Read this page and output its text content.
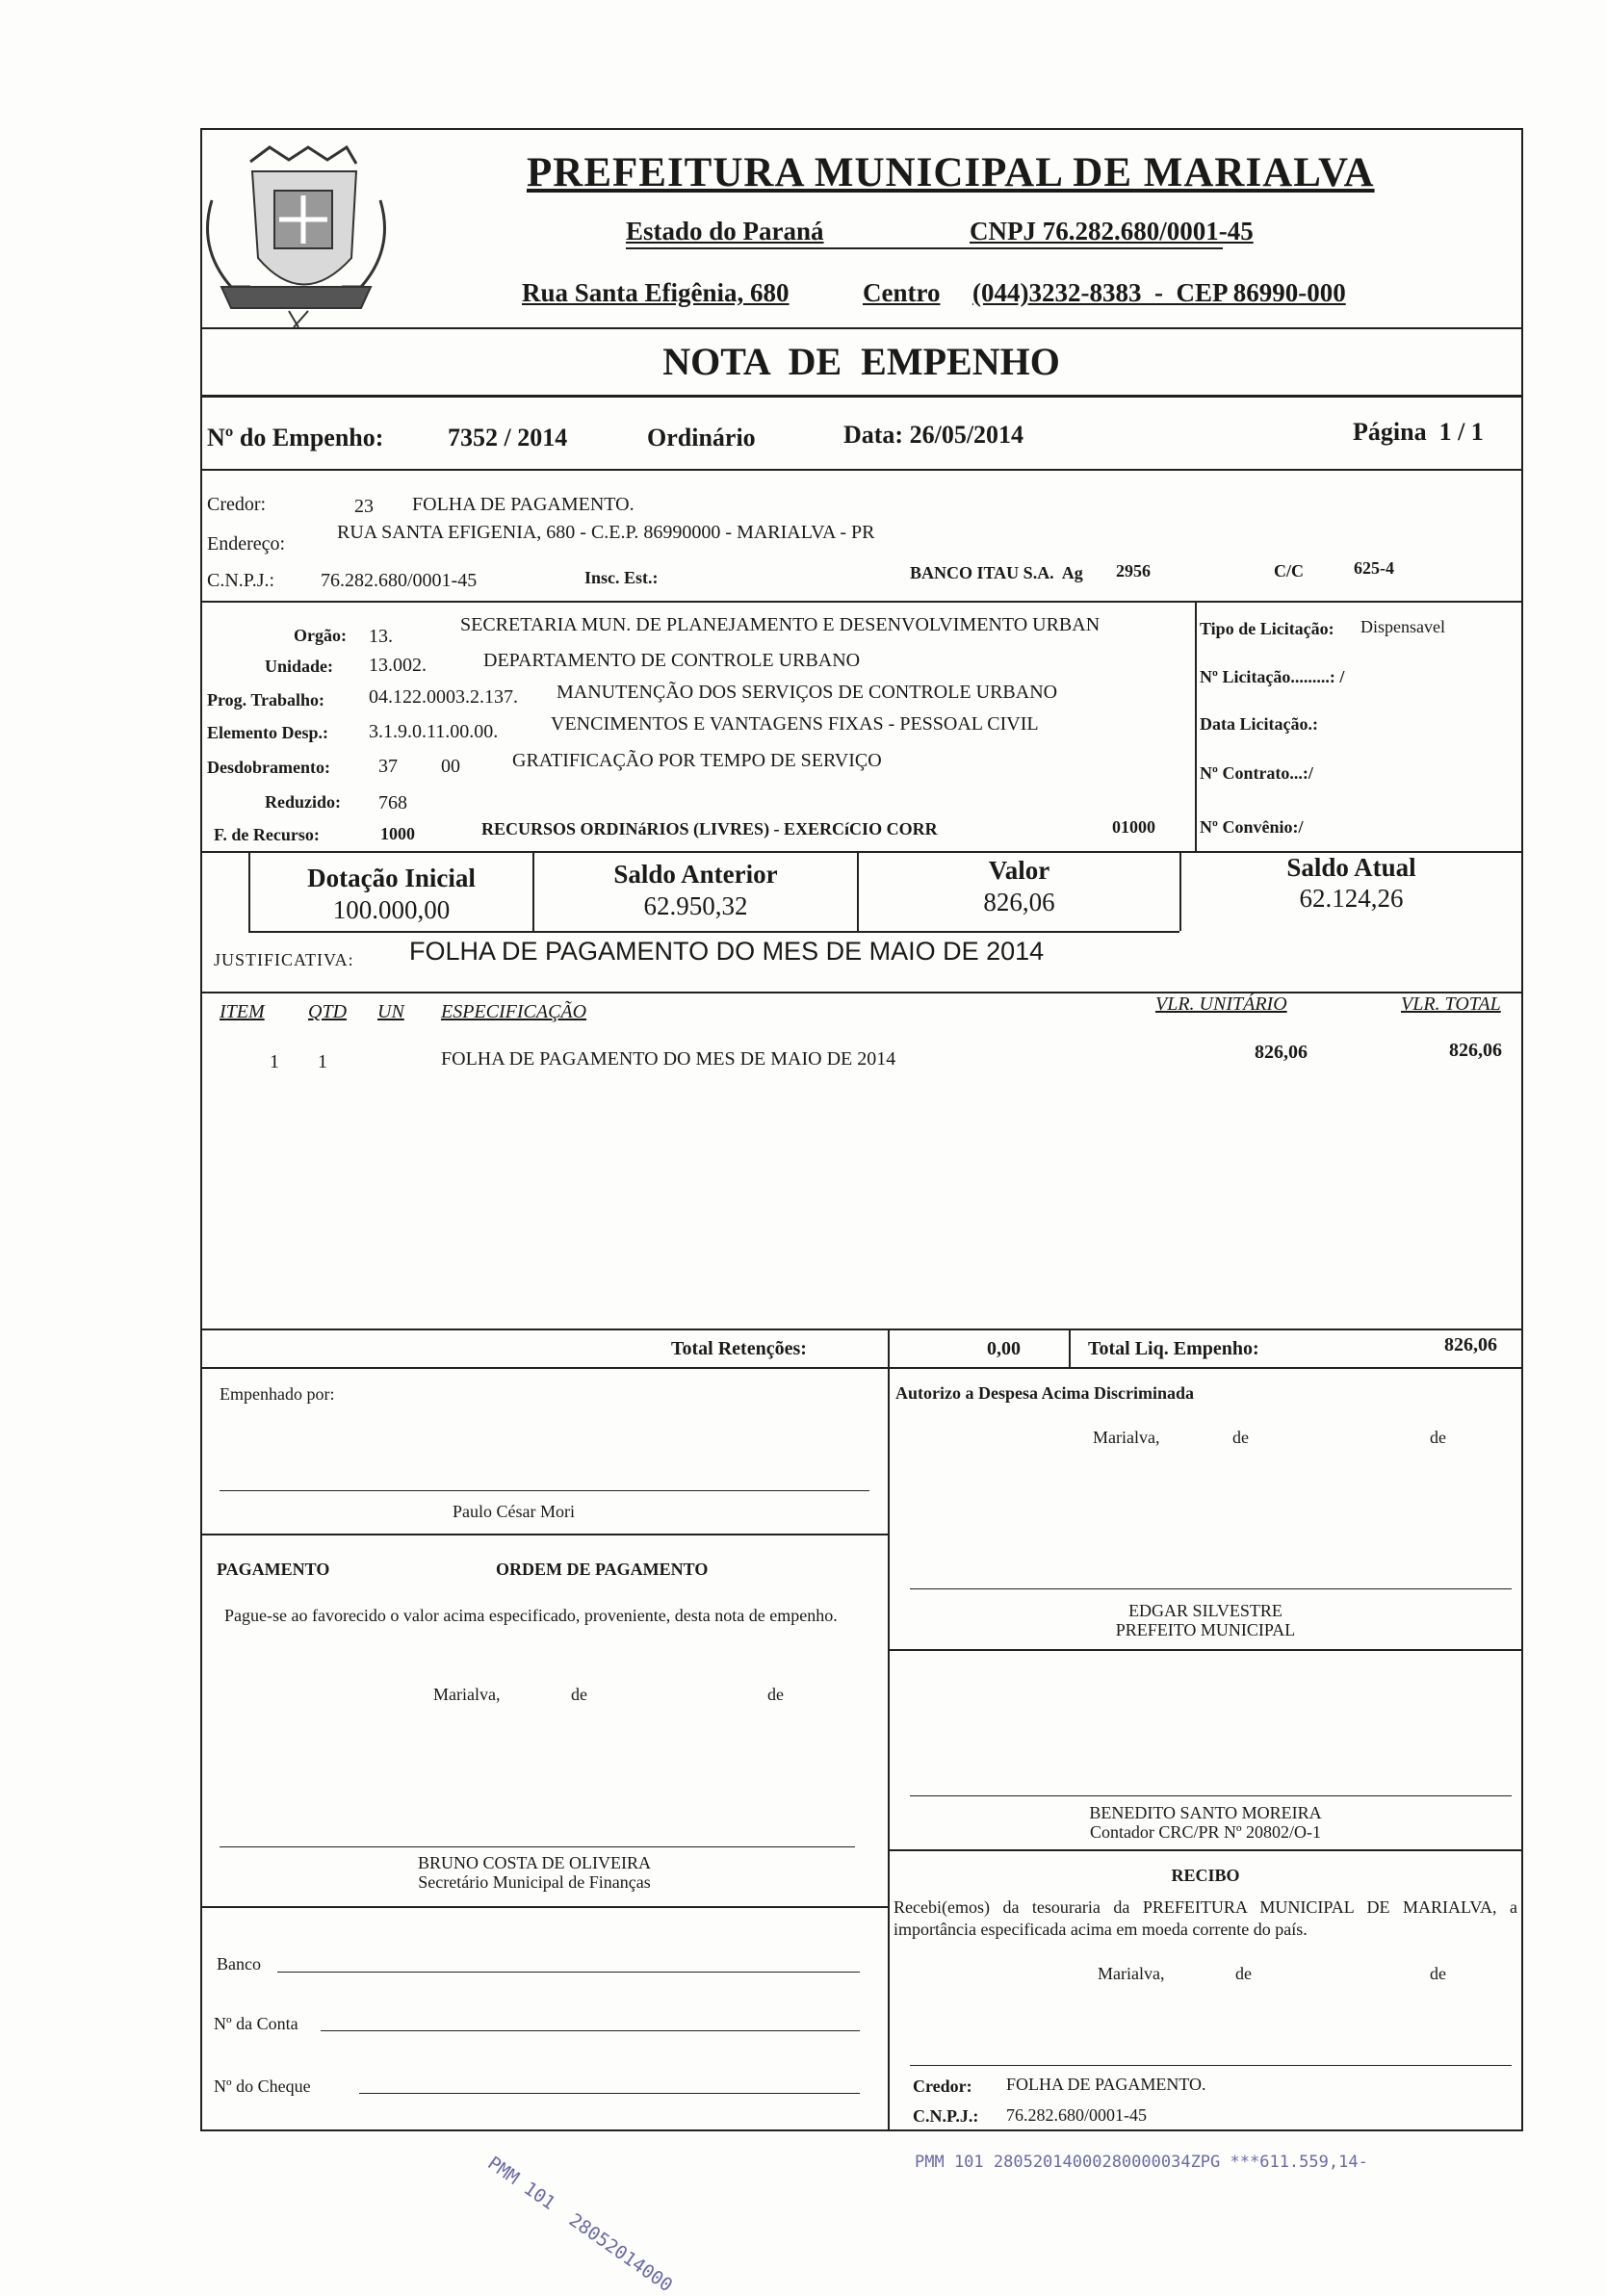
PREFEITURA MUNICIPAL DE MARIALVA
Estado do Paraná	CNPJ 76.282.680/0001-45
Rua Santa Efigênia, 680	Centro (044)3232-8383  -  CEP 86990-000
NOTA  DE  EMPENHO
Nº do Empenho:	7352 / 2014	Ordinário	Data: 26/05/2014	Página  1 / 1
Credor:	23 FOLHA DE PAGAMENTO.
Endereço:
RUA SANTA EFIGENIA, 680 - C.E.P. 86990000 - MARIALVA - PR
C.N.P.J.: 76.282.680/0001-45	Insc. Est.:	BANCO ITAU S.A.  Ag 2956	C/C	625-4
Orgão: 13.
SECRETARIA MUN. DE PLANEJAMENTO E DESENVOLVIMENTO URBAN
Unidade: 13.002.	DEPARTAMENTO DE CONTROLE URBANO
Prog. Trabalho: 04.122.0003.2.137. MANUTENÇÃO DOS SERVIÇOS DE CONTROLE URBANO
Elemento Desp.: 3.1.9.0.11.00.00.	VENCIMENTOS E VANTAGENS FIXAS - PESSOAL CIVIL
Desdobramento:	37 00	GRATIFICAÇÃO POR TEMPO DE SERVIÇO
Reduzido: 768
F. de Recurso:	1000	RECURSOS ORDINáRIOS (LIVRES) - EXERCíCIO CORR	01000
Tipo de Licitação: Dispensavel
Nº Licitação.........: /
Data Licitação.:
Nº Contrato...:/
Nº Convênio:/
Dotação Inicial
100.000,00
Saldo Anterior
62.950,32
Valor
826,06
Saldo Atual
62.124,26
JUSTIFICATIVA: FOLHA DE PAGAMENTO DO MES DE MAIO DE 2014
ITEM QTD UN ESPECIFICAÇÃO	VLR. UNITÁRIO	VLR. TOTAL
1 1	FOLHA DE PAGAMENTO DO MES DE MAIO DE 2014	826,06	826,06
Total Retenções:	0,00	Total Liq. Empenho:	826,06
Empenhado por:
Paulo César Mori
Autorizo a Despesa Acima Discriminada
Marialva,	de	de
PAGAMENTO	ORDEM DE PAGAMENTO
Pague-se ao favorecido o valor acima especificado, proveniente, desta nota de empenho.
Marialva,	de	de
EDGAR SILVESTRE
PREFEITO MUNICIPAL
BENEDITO SANTO MOREIRA
Contador CRC/PR Nº 20802/O-1
BRUNO COSTA DE OLIVEIRA
Secretário Municipal de Finanças	RECIBO
Recebi(emos) da tesouraria da PREFEITURA MUNICIPAL DE MARIALVA, a importância especificada acima em moeda corrente do país.
Marialva,	de	de
Banco
Nº da Conta
Nº do Cheque	Credor: FOLHA DE PAGAMENTO.
C.N.P.J.: 76.282.680/0001-45
PMM 101  28052014000	PMM 101 28052014000280000034ZPG ***611.559,14-
